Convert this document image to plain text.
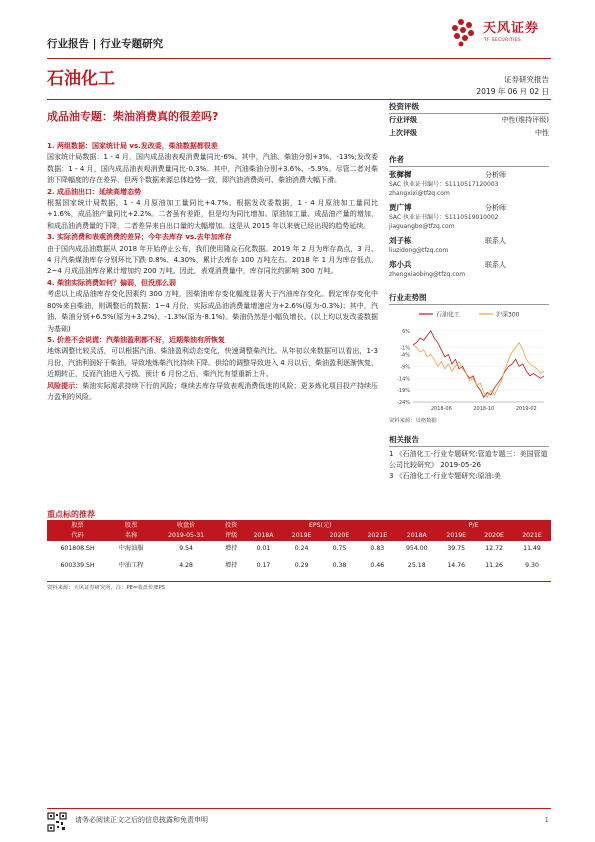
行业报告 | 行业专题研究
天风证券
TF SECURITIES
石油化工	证券研究报告
2019 年 06 月 02 日
成品油专题：柴油消费真的很差吗?

1. 两组数据：国家统计局 vs.发改委，柴油数据都很差

国家统计局数据：1 - 4 月，国内成品油表观消费量同比-6%。其中，汽油、柴油分别+3%、-13%;发改委数据：1 - 4 月，国内成品油表观消费量同比-0.3%。其中，汽油柴油分别+3.6%、-5.9%。尽管二者对柴油下降幅度的存在差异，但两个数据来源总体趋势一致，即汽油消费尚可、柴油消费大幅下滑。

2. 成品油出口：延续高增态势

根据国家统计局数据，1 - 4 月原油加工量同比+4.7%。根据发改委数据，1 - 4 月原油加工量同比+1.6%，成品油产量同比+2.2%。二者虽有差距，但是均为同比增加。原油加工量、成品油产量的增加，和成品油消费量的下降，二者差异来自出口量的大幅增加。这是从 2015 年以来就已经出现的趋势延续。

3. 实际消费和表观消费的差异；今年去库存 vs.去年加库存

由于国内成品油数据从 2018 年开始停止公布，我们使用隆众石化数据。2019 年 2 月为库存高点，3 月、4 月汽柴煤油库存分别环比下跌 0.8%、4.30%，累计去库存 100 万吨左右。2018 年 1 月为库存低点，2~4 月成品油库存累计增加约 200 万吨。因此，表观消费量中，库存同比约影响 300 万吨。

4. 柴油实际消费如何？偏弱，但没那么弱

考虑以上成品油库存变化因素约 300 万吨，因柴油库存变化幅度显著大于汽油库存变化。假定库存变化中 80%来自柴油，则调整后的数据：1~4 月份，实际成品油消费量增速应为+2.6%(原为-0.3%)；其中，汽油、柴油分别+6.5%(原为+3.2%)、-1.3%(原为-8.1%)。柴油仍然是小幅负增长。(以上均以发改委数据为基础)

5. 价差不会说谎：汽柴油盈利都不好，近期柴油有所恢复

地炼调整比较灵活，可以根据汽油、柴油盈利动态变化，快速调整柴汽比。从年初以来数据可以看出，1-3 月份，汽油利润好于柴油，导致地炼柴汽比持续下降。供给的调整导致进入 4 月以后，柴油盈利逐渐恢复，近期转正，反而汽油进入亏损。预计 6 月份之后，柴汽比有望重新上升。

风险提示：柴油实际需求持续下行的风险；继续去库存导致表观消费低迷的风险；更多炼化项目投产持续压力盈利的风险。

投资评级
行业评级	中性(维持评级)
上次评级	中性
作者
张樨樨	分析师
SAC 执业证书编号：S1110517120003
zhangxixi@tfzq.com
贾广博	分析师
SAC 执业证书编号：S1110519010002
jiaguangbo@tfzq.com
刘子栋	联系人
liuzidong@tfzq.com
郑小兵	联系人
zhengxiaobing@tfzq.com
行业走势图
石油化工	沪深300
6%
-1%
-4%
-9%
-14%
-19%
-24%
2018-06	2018-10	2019-02
资料来源：贝格数据
相关报告

1 《石油化工-行业专题研究:管道专题三：美国管道公司比较研究》 2019-05-26

3 《石油化工-行业专题研究:原油:美

重点标的推荐
股票	股票	收盘价	投资	EPS(元)				P/E			
代码	名称	2019-05-31	评级	2018A	2019E	2020E	2021E	2018A	2019E	2020E	2021E
601808.SH	中海油服	9.54	增持	0.01	0.24	0.75	0.83	954.00	39.75	12.72	11.49
600339.SH	中油工程	4.28	增持	0.17	0.29	0.38	0.46	25.18	14.76	11.26	9.30
资料来源：天风证券研究所，注：PE=收盘价/EPS
请务必阅读正文之后的信息披露和免责申明	1
